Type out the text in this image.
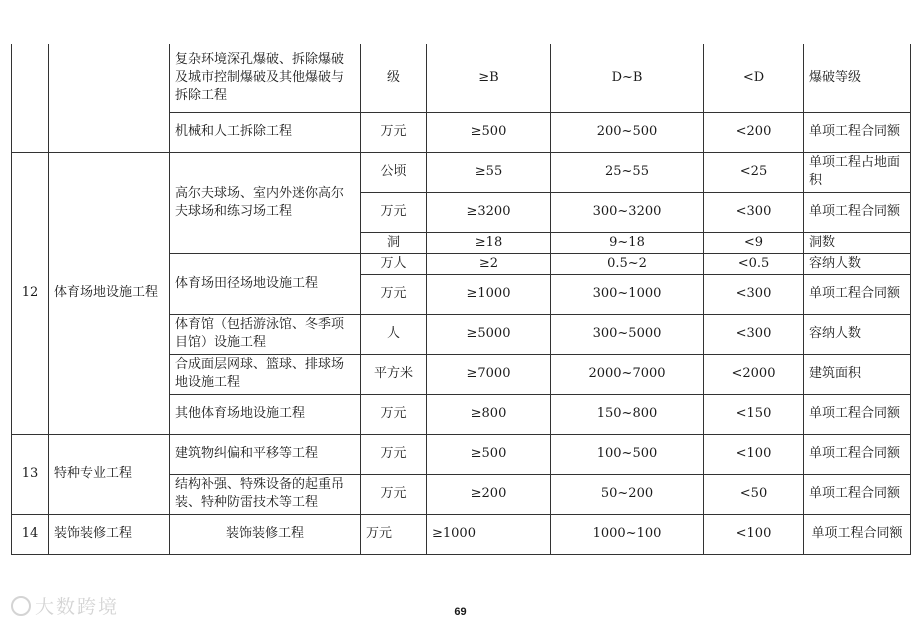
		复杂环境深孔爆破、拆除爆破及城市控制爆破及其他爆破与拆除工程	级	≥B	D~B	<D	爆破等级
		机械和人工拆除工程	万元	≥500	200~500	<200	单项工程合同额
12	体育场地设施工程	高尔夫球场、室内外迷你高尔夫球场和练习场工程	公顷	≥55	25~55	<25	单项工程占地面积
			万元	≥3200	300~3200	<300	单项工程合同额
			洞	≥18	9~18	<9	洞数
		体育场田径场地设施工程	万人	≥2	0.5~2	<0.5	容纳人数
			万元	≥1000	300~1000	<300	单项工程合同额
		体育馆（包括游泳馆、冬季项目馆）设施工程	人	≥5000	300~5000	<300	容纳人数
		合成面层网球、篮球、排球场地设施工程	平方米	≥7000	2000~7000	<2000	建筑面积
		其他体育场地设施工程	万元	≥800	150~800	<150	单项工程合同额
13	特种专业工程	建筑物纠偏和平移等工程	万元	≥500	100~500	<100	单项工程合同额
		结构补强、特殊设备的起重吊装、特种防雷技术等工程	万元	≥200	50~200	<50	单项工程合同额
14	装饰装修工程	装饰装修工程	万元	≥1000	1000~100	<100	单项工程合同额
69
大数跨境
